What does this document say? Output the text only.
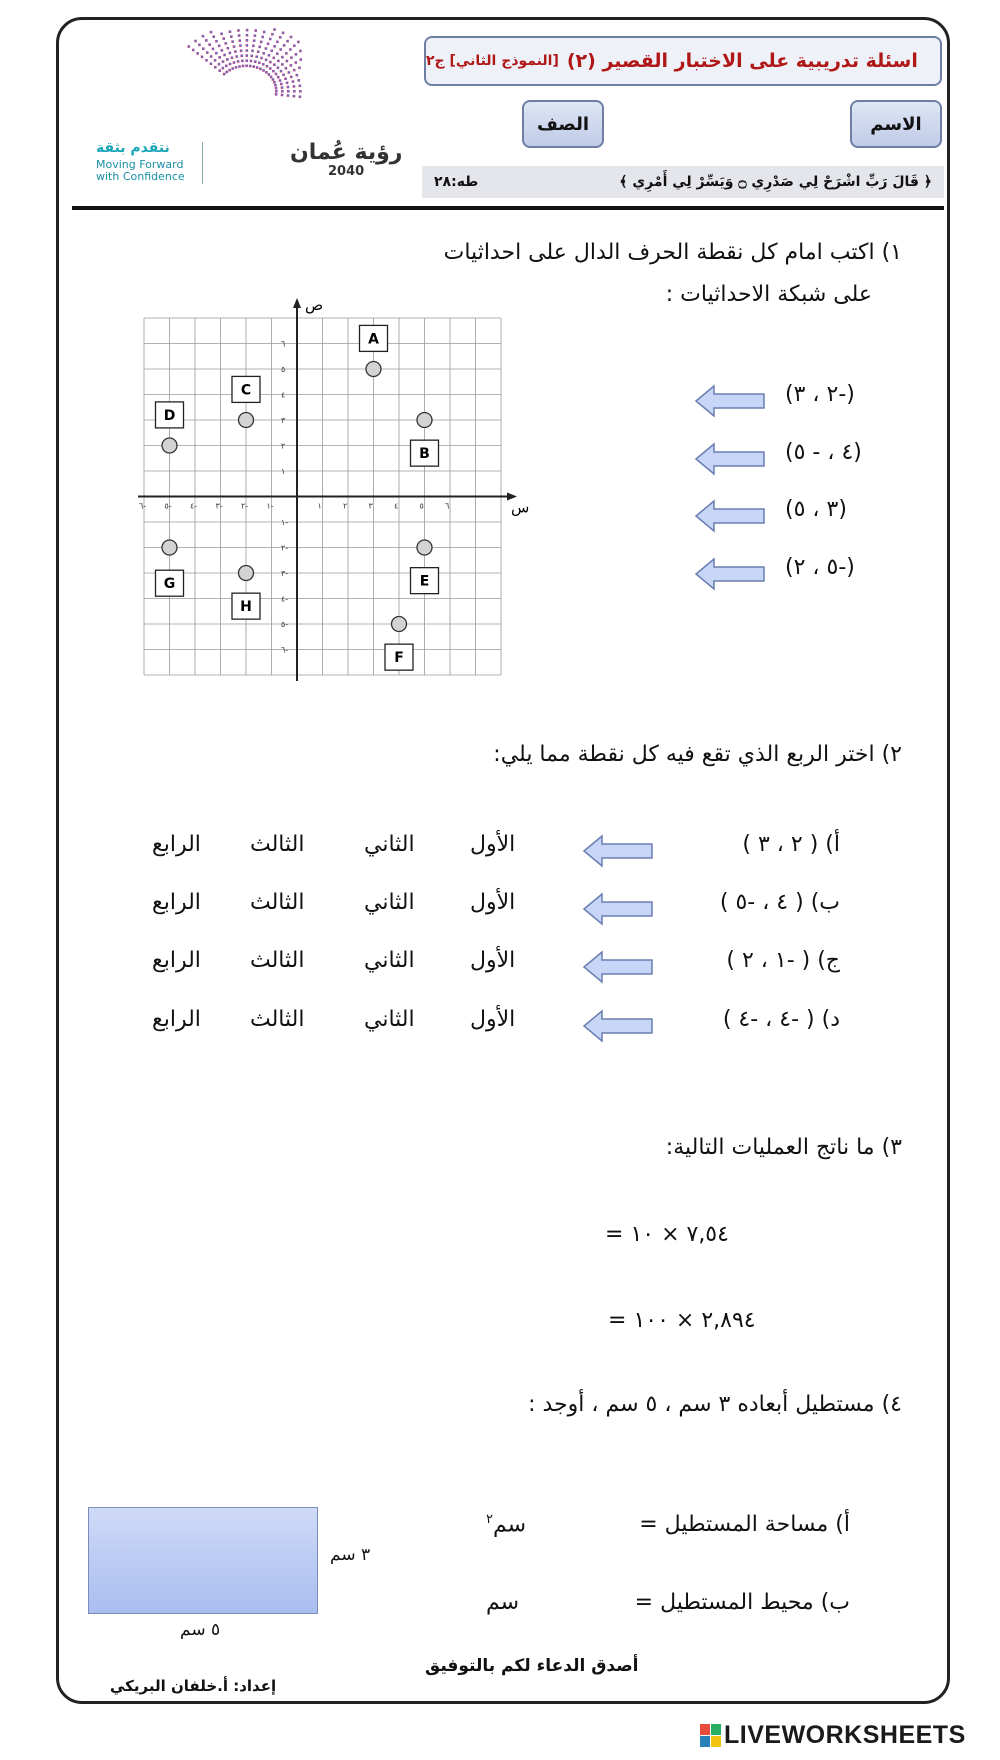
رؤية عُمان
2040
نتقدم بثقة
Moving Forward
with Confidence
اسئلة تدريبية على الاختبار القصير (٢)
[النموذج الثاني] ج٢
الاسم
الصف
طه:٢٨	﴿ قَالَ رَبِّ اشْرَحْ لِي صَدْرِي ۝ وَيَسِّرْ لِي أَمْرِي ﴾
١) اكتب امام كل نقطة الحرف الدال على احداثيات
على شبكة الاحداثيات :
ص
س
٦- ٥- ٤- ٣- ٢- ١-	١	٢	٣	٤	٥	٦
٦
٥
٤
٣
٢
١
١-
٢-
٣-
٤-
٥-
٦-
A
B
C
D
E
F
G
H
(-٢ ، ٣)
(٤ ، - ٥)
(٣ ، ٥)
(-٥ ، ٢)
٢) اختر الربع الذي تقع فيه كل نقطة مما يلي:
أ) ( ٢ ، ٣ )
الأول
الثاني
الثالث
الرابع
ب) ( ٤ ، -٥ )
الأول
الثاني
الثالث
الرابع
ج) ( -١ ، ٢ )
الأول
الثاني
الثالث
الرابع
د) ( -٤ ، -٤ )
الأول
الثاني
الثالث
الرابع
٣) ما ناتج العمليات التالية:
٧,٥٤ × ١٠ =
٢,٨٩٤ × ١٠٠ =
٤) مستطيل أبعاده ٣ سم ، ٥ سم ، أوجد :
أ) مساحة المستطيل =
سم$^٢$
ب) محيط المستطيل =
سم
٣ سم
٥ سم
أصدق الدعاء لكم بالتوفيق
إعداد: أ.خلفان البريكي
LIVEWORKSHEETS
